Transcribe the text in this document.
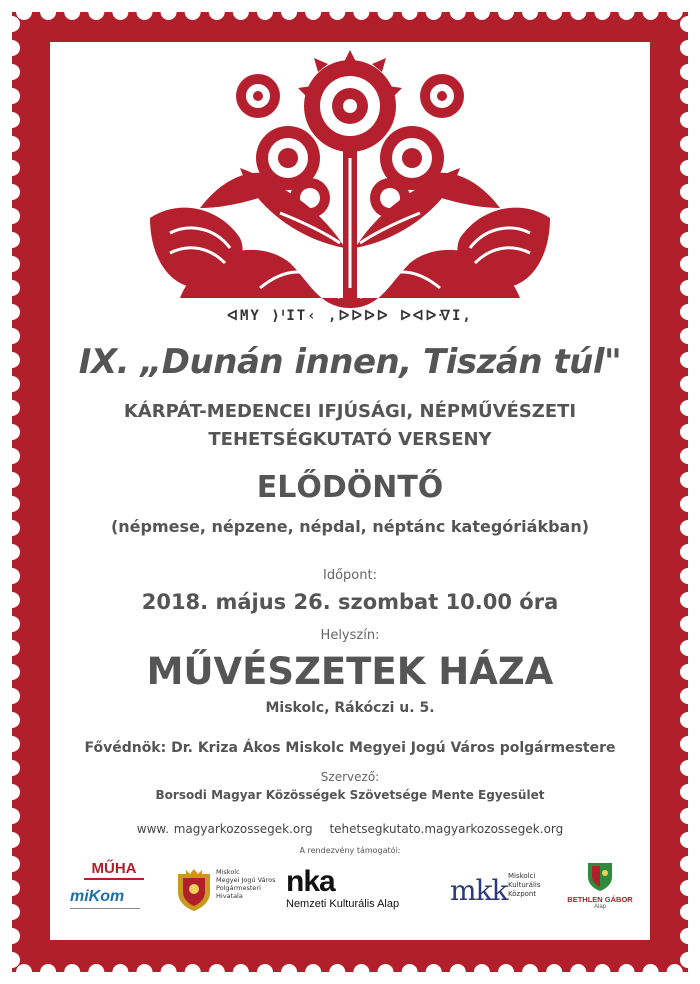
ᐊMY ⟩ᑊIT‹ ,ᐅᐅᐅᐅ ᐅᐊᐅᐌI,
IX. „Dunán innen, Tiszán túl"
KÁRPÁT-MEDENCEI IFJÚSÁGI, NÉPMŰVÉSZETI
TEHETSÉGKUTATÓ VERSENY
ELŐDÖNTŐ
(népmese, népzene, népdal, néptánc kategóriákban)
Időpont:
2018. május 26. szombat 10.00 óra
Helyszín:
MŰVÉSZETEK HÁZA
Miskolc, Rákóczi u. 5.
Fővédnök: Dr. Kriza Ákos Miskolc Megyei Jogú Város polgármestere
Szervező:
Borsodi Magyar Közösségek Szövetsége Mente Egyesület
www. magyarkozossegek.org tehetsegkutato.magyarkozossegek.org
A rendezvény támogatói:
MŰHA
miKom
Miskolc
Megyei Jogú Város
Polgármesteri
Hivatala	nka
Nemzeti Kulturális Alap	mkk Miskolci
Kulturális
Központ
BETHLEN GÁBOR
Alap
